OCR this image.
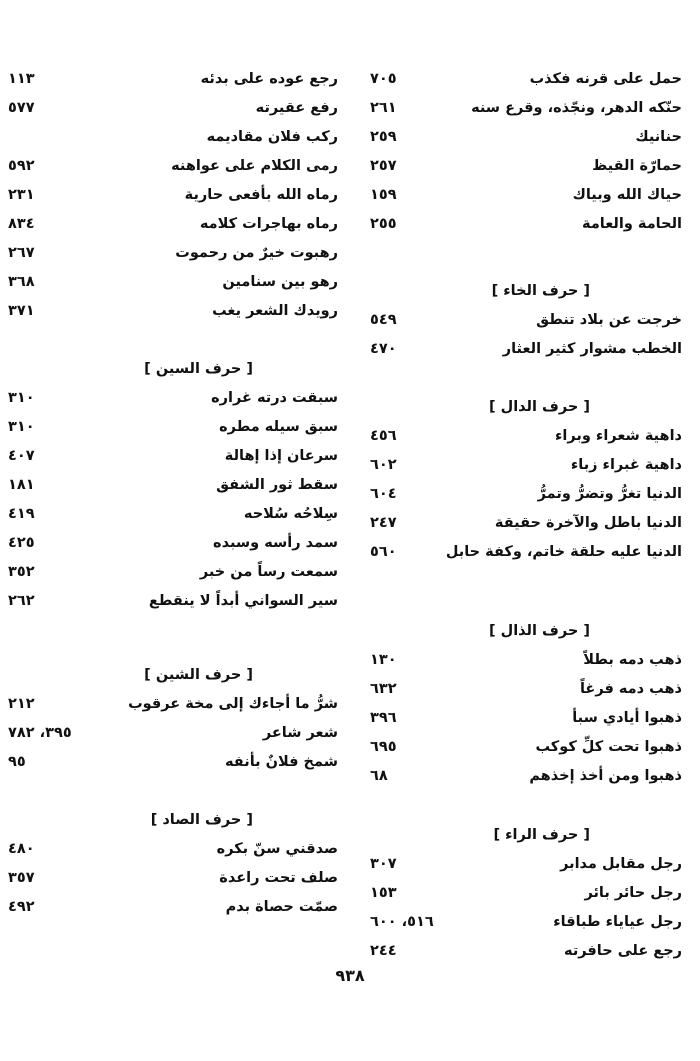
حمل على قرنه فكذب
٧٠٥
حنّكه الدهر، ونجّذه، وقرع سنه
٢٦١
حنانيك
٢٥٩
حمارّة القيظ
٢٥٧
حياك الله وبياك
١٥٩
الحامة والعامة
٢٥٥
[ حرف الخاء ]
خرجت عن بلاد تنطق
٥٤٩
الخطب مشوار كثير العثار
٤٧٠
[ حرف الدال ]
داهية شعراء وبراء
٤٥٦
داهية غبراء زباء
٦٠٢
الدنيا تغرُّ وتضرُّ وتمرُّ
٦٠٤
الدنيا باطل والآخرة حقيقة
٢٤٧
الدنيا عليه حلقة خاتم، وكفة حابل
٥٦٠
[ حرف الذال ]
ذهب دمه بطلاً
١٣٠
ذهب دمه فرغاً
٦٣٢
ذهبوا أيادي سبأ
٣٩٦
ذهبوا تحت كلِّ كوكب
٦٩٥
ذهبوا ومن أخذ إخذهم
٦٨
[ حرف الراء ]
رجل مقابل مدابر
٣٠٧
رجل حائر بائر
١٥٣
رجل عياياء طباقاء
٥١٦، ٦٠٠
رجع على حافرته
٢٤٤
رجع عوده على بدئه
١١٣
رفع عقيرته
٥٧٧
ركب فلان مقاديمه
رمى الكلام على عواهنه
٥٩٢
رماه الله بأفعى حارية
٢٣١
رماه بهاجرات كلامه
٨٣٤
رهبوت خيرٌ من رحموت
٢٦٧
رهو بين سنامين
٣٦٨
رويدك الشعر يغب
٣٧١
[ حرف السين ]
سبقت درته غراره
٣١٠
سبق سيله مطره
٣١٠
سرعان إذا إهالة
٤٠٧
سقط ثور الشفق
١٨١
سِلاحُه سُلاحه
٤١٩
سمد رأسه وسبده
٤٢٥
سمعت رساً من خبر
٣٥٢
سير السواني أبداً لا ينقطع
٢٦٢
[ حرف الشين ]
شرُّ ما أجاءك إلى مخة عرقوب
٢١٢
شعر شاعر
٣٩٥، ٧٨٢
شمخ فلانٌ بأنفه
٩٥
[ حرف الصاد ]
صدقني سنّ بكره
٤٨٠
صلف تحت راعدة
٣٥٧
صمّت حصاة بدم
٤٩٢
٩٣٨
